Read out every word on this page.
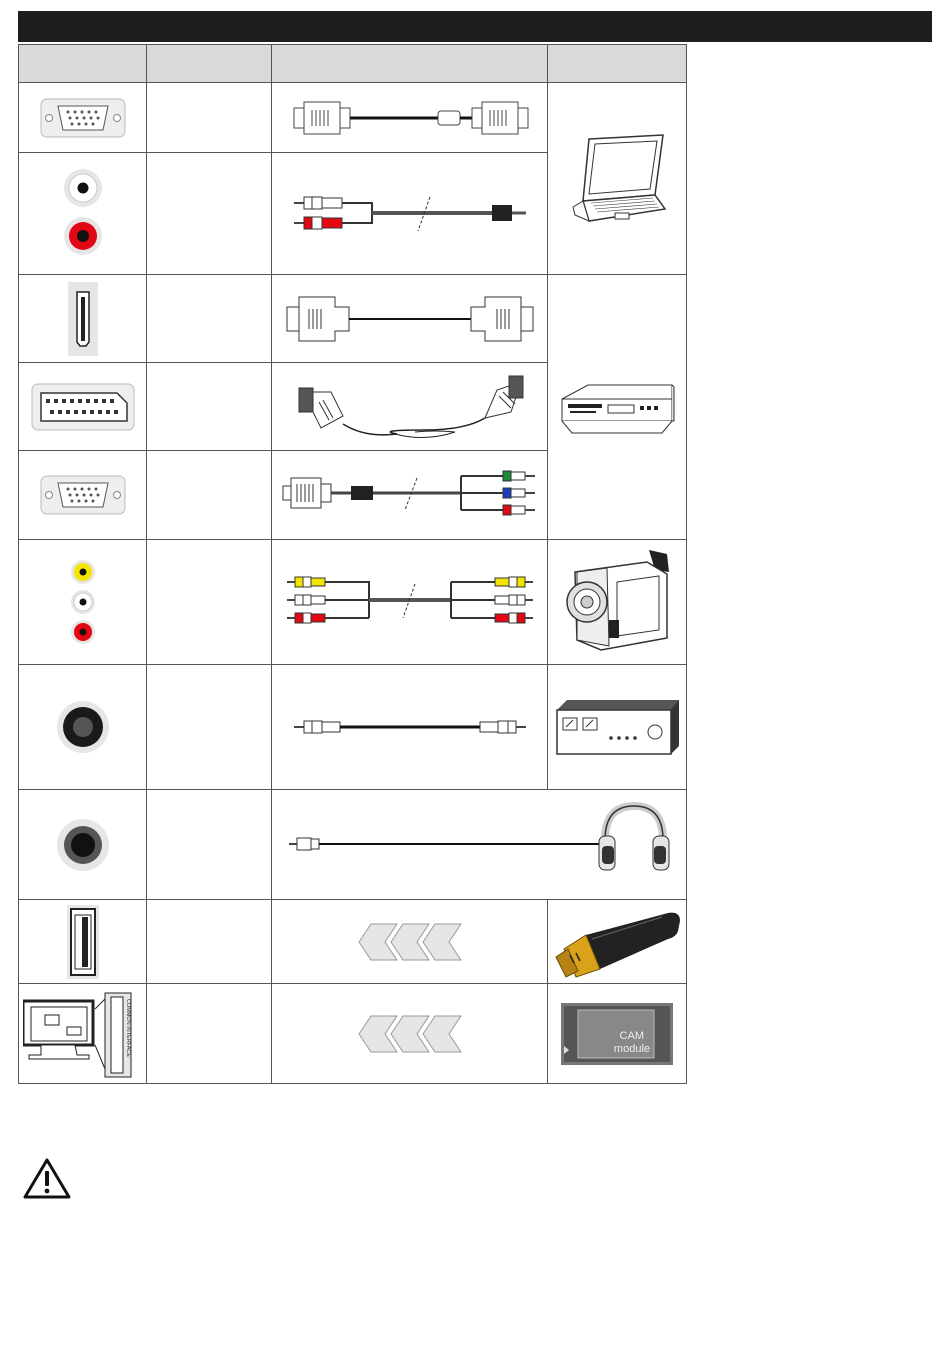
COMMON INTERFACE			CAM
module
